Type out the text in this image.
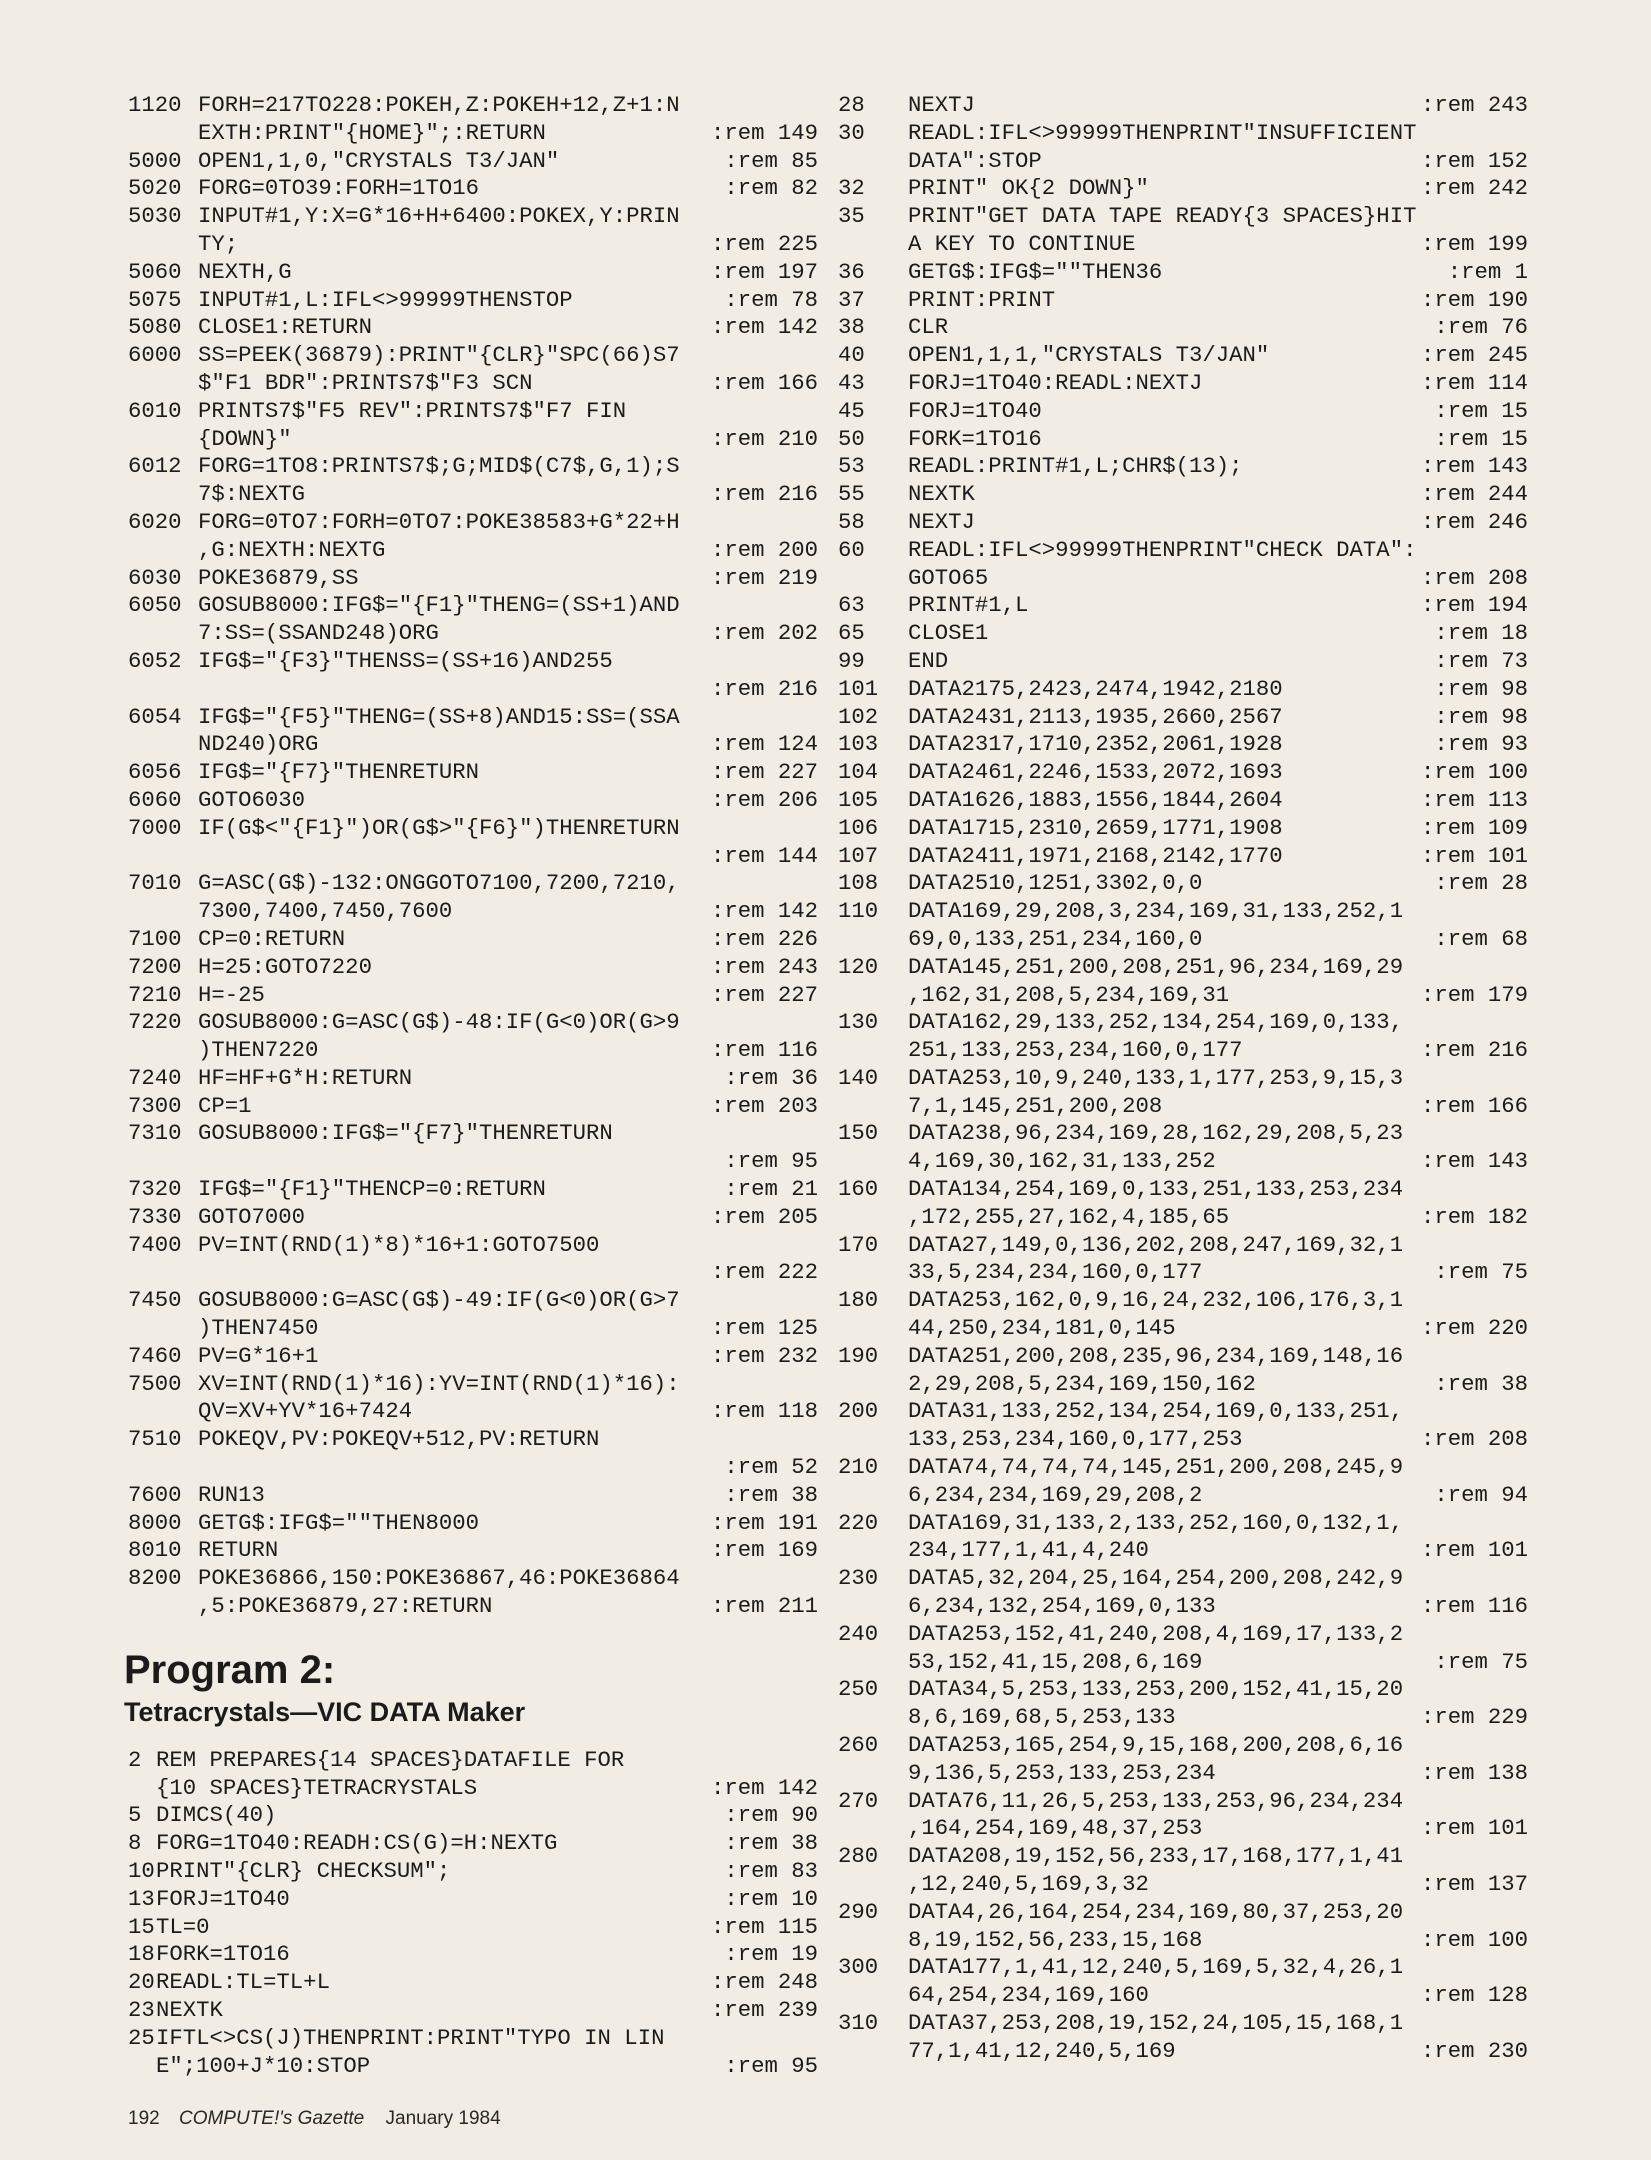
1120 FORH=217TO228:POKEH,Z:POKEH+12,Z+1:N
EXTH:PRINT"{HOME}";:RETURN	:rem 149
5000 OPEN1,1,0,"CRYSTALS T3/JAN"	:rem 85
5020 FORG=0TO39:FORH=1TO16	:rem 82
5030 INPUT#1,Y:X=G*16+H+6400:POKEX,Y:PRIN
TY;	:rem 225
5060 NEXTH,G	:rem 197
5075 INPUT#1,L:IFL<>99999THENSTOP	:rem 78
5080 CLOSE1:RETURN	:rem 142
6000 SS=PEEK(36879):PRINT"{CLR}"SPC(66)S7
$"F1 BDR":PRINTS7$"F3 SCN	:rem 166
6010 PRINTS7$"F5 REV":PRINTS7$"F7 FIN
{DOWN}"	:rem 210
6012 FORG=1TO8:PRINTS7$;G;MID$(C7$,G,1);S
7$:NEXTG	:rem 216
6020 FORG=0TO7:FORH=0TO7:POKE38583+G*22+H
,G:NEXTH:NEXTG	:rem 200
6030 POKE36879,SS	:rem 219
6050 GOSUB8000:IFG$="{F1}"THENG=(SS+1)AND
7:SS=(SSAND248)ORG	:rem 202
6052 IFG$="{F3}"THENSS=(SS+16)AND255
:rem 216
6054 IFG$="{F5}"THENG=(SS+8)AND15:SS=(SSA
ND240)ORG	:rem 124
6056 IFG$="{F7}"THENRETURN	:rem 227
6060 GOTO6030	:rem 206
7000 IF(G$<"{F1}")OR(G$>"{F6}")THENRETURN
:rem 144
7010 G=ASC(G$)-132:ONGGOTO7100,7200,7210,
7300,7400,7450,7600	:rem 142
7100 CP=0:RETURN	:rem 226
7200 H=25:GOTO7220	:rem 243
7210 H=-25	:rem 227
7220 GOSUB8000:G=ASC(G$)-48:IF(G<0)OR(G>9
)THEN7220	:rem 116
7240 HF=HF+G*H:RETURN	:rem 36
7300 CP=1	:rem 203
7310 GOSUB8000:IFG$="{F7}"THENRETURN
:rem 95
7320 IFG$="{F1}"THENCP=0:RETURN	:rem 21
7330 GOTO7000	:rem 205
7400 PV=INT(RND(1)*8)*16+1:GOTO7500
:rem 222
7450 GOSUB8000:G=ASC(G$)-49:IF(G<0)OR(G>7
)THEN7450	:rem 125
7460 PV=G*16+1	:rem 232
7500 XV=INT(RND(1)*16):YV=INT(RND(1)*16):
QV=XV+YV*16+7424	:rem 118
7510 POKEQV,PV:POKEQV+512,PV:RETURN
:rem 52
7600 RUN13	:rem 38
8000 GETG$:IFG$=""THEN8000	:rem 191
8010 RETURN	:rem 169
8200 POKE36866,150:POKE36867,46:POKE36864
,5:POKE36879,27:RETURN	:rem 211
Program 2:
Tetracrystals—VIC DATA Maker
2 REM PREPARES{14 SPACES}DATAFILE FOR
{10 SPACES}TETRACRYSTALS	:rem 142
5 DIMCS(40)	:rem 90
8 FORG=1TO40:READH:CS(G)=H:NEXTG	:rem 38
10 PRINT"{CLR} CHECKSUM";	:rem 83
13 FORJ=1TO40	:rem 10
15 TL=0	:rem 115
18 FORK=1TO16	:rem 19
20 READL:TL=TL+L	:rem 248
23 NEXTK	:rem 239
25 IFTL<>CS(J)THENPRINT:PRINT"TYPO IN LIN
E";100+J*10:STOP	:rem 95
28	NEXTJ	:rem 243
30	READL:IFL<>99999THENPRINT"INSUFFICIENT
DATA":STOP	:rem 152
32	PRINT" OK{2 DOWN}"	:rem 242
35	PRINT"GET DATA TAPE READY{3 SPACES}HIT
A KEY TO CONTINUE	:rem 199
36	GETG$:IFG$=""THEN36	:rem 1
37	PRINT:PRINT	:rem 190
38	CLR	:rem 76
40	OPEN1,1,1,"CRYSTALS T3/JAN"	:rem 245
43	FORJ=1TO40:READL:NEXTJ	:rem 114
45	FORJ=1TO40	:rem 15
50	FORK=1TO16	:rem 15
53	READL:PRINT#1,L;CHR$(13);	:rem 143
55	NEXTK	:rem 244
58	NEXTJ	:rem 246
60	READL:IFL<>99999THENPRINT"CHECK DATA":
GOTO65	:rem 208
63	PRINT#1,L	:rem 194
65	CLOSE1	:rem 18
99	END	:rem 73
101	DATA2175,2423,2474,1942,2180	:rem 98
102	DATA2431,2113,1935,2660,2567	:rem 98
103	DATA2317,1710,2352,2061,1928	:rem 93
104	DATA2461,2246,1533,2072,1693	:rem 100
105	DATA1626,1883,1556,1844,2604	:rem 113
106	DATA1715,2310,2659,1771,1908	:rem 109
107	DATA2411,1971,2168,2142,1770	:rem 101
108	DATA2510,1251,3302,0,0	:rem 28
110	DATA169,29,208,3,234,169,31,133,252,1
69,0,133,251,234,160,0	:rem 68
120	DATA145,251,200,208,251,96,234,169,29
,162,31,208,5,234,169,31	:rem 179
130	DATA162,29,133,252,134,254,169,0,133,
251,133,253,234,160,0,177	:rem 216
140	DATA253,10,9,240,133,1,177,253,9,15,3
7,1,145,251,200,208	:rem 166
150	DATA238,96,234,169,28,162,29,208,5,23
4,169,30,162,31,133,252	:rem 143
160	DATA134,254,169,0,133,251,133,253,234
,172,255,27,162,4,185,65	:rem 182
170	DATA27,149,0,136,202,208,247,169,32,1
33,5,234,234,160,0,177	:rem 75
180	DATA253,162,0,9,16,24,232,106,176,3,1
44,250,234,181,0,145	:rem 220
190	DATA251,200,208,235,96,234,169,148,16
2,29,208,5,234,169,150,162	:rem 38
200	DATA31,133,252,134,254,169,0,133,251,
133,253,234,160,0,177,253	:rem 208
210	DATA74,74,74,74,145,251,200,208,245,9
6,234,234,169,29,208,2	:rem 94
220	DATA169,31,133,2,133,252,160,0,132,1,
234,177,1,41,4,240	:rem 101
230	DATA5,32,204,25,164,254,200,208,242,9
6,234,132,254,169,0,133	:rem 116
240	DATA253,152,41,240,208,4,169,17,133,2
53,152,41,15,208,6,169	:rem 75
250	DATA34,5,253,133,253,200,152,41,15,20
8,6,169,68,5,253,133	:rem 229
260	DATA253,165,254,9,15,168,200,208,6,16
9,136,5,253,133,253,234	:rem 138
270	DATA76,11,26,5,253,133,253,96,234,234
,164,254,169,48,37,253	:rem 101
280	DATA208,19,152,56,233,17,168,177,1,41
,12,240,5,169,3,32	:rem 137
290	DATA4,26,164,254,234,169,80,37,253,20
8,19,152,56,233,15,168	:rem 100
300	DATA177,1,41,12,240,5,169,5,32,4,26,1
64,254,234,169,160	:rem 128
310	DATA37,253,208,19,152,24,105,15,168,1
77,1,41,12,240,5,169	:rem 230
192 COMPUTE!'s Gazette January 1984
